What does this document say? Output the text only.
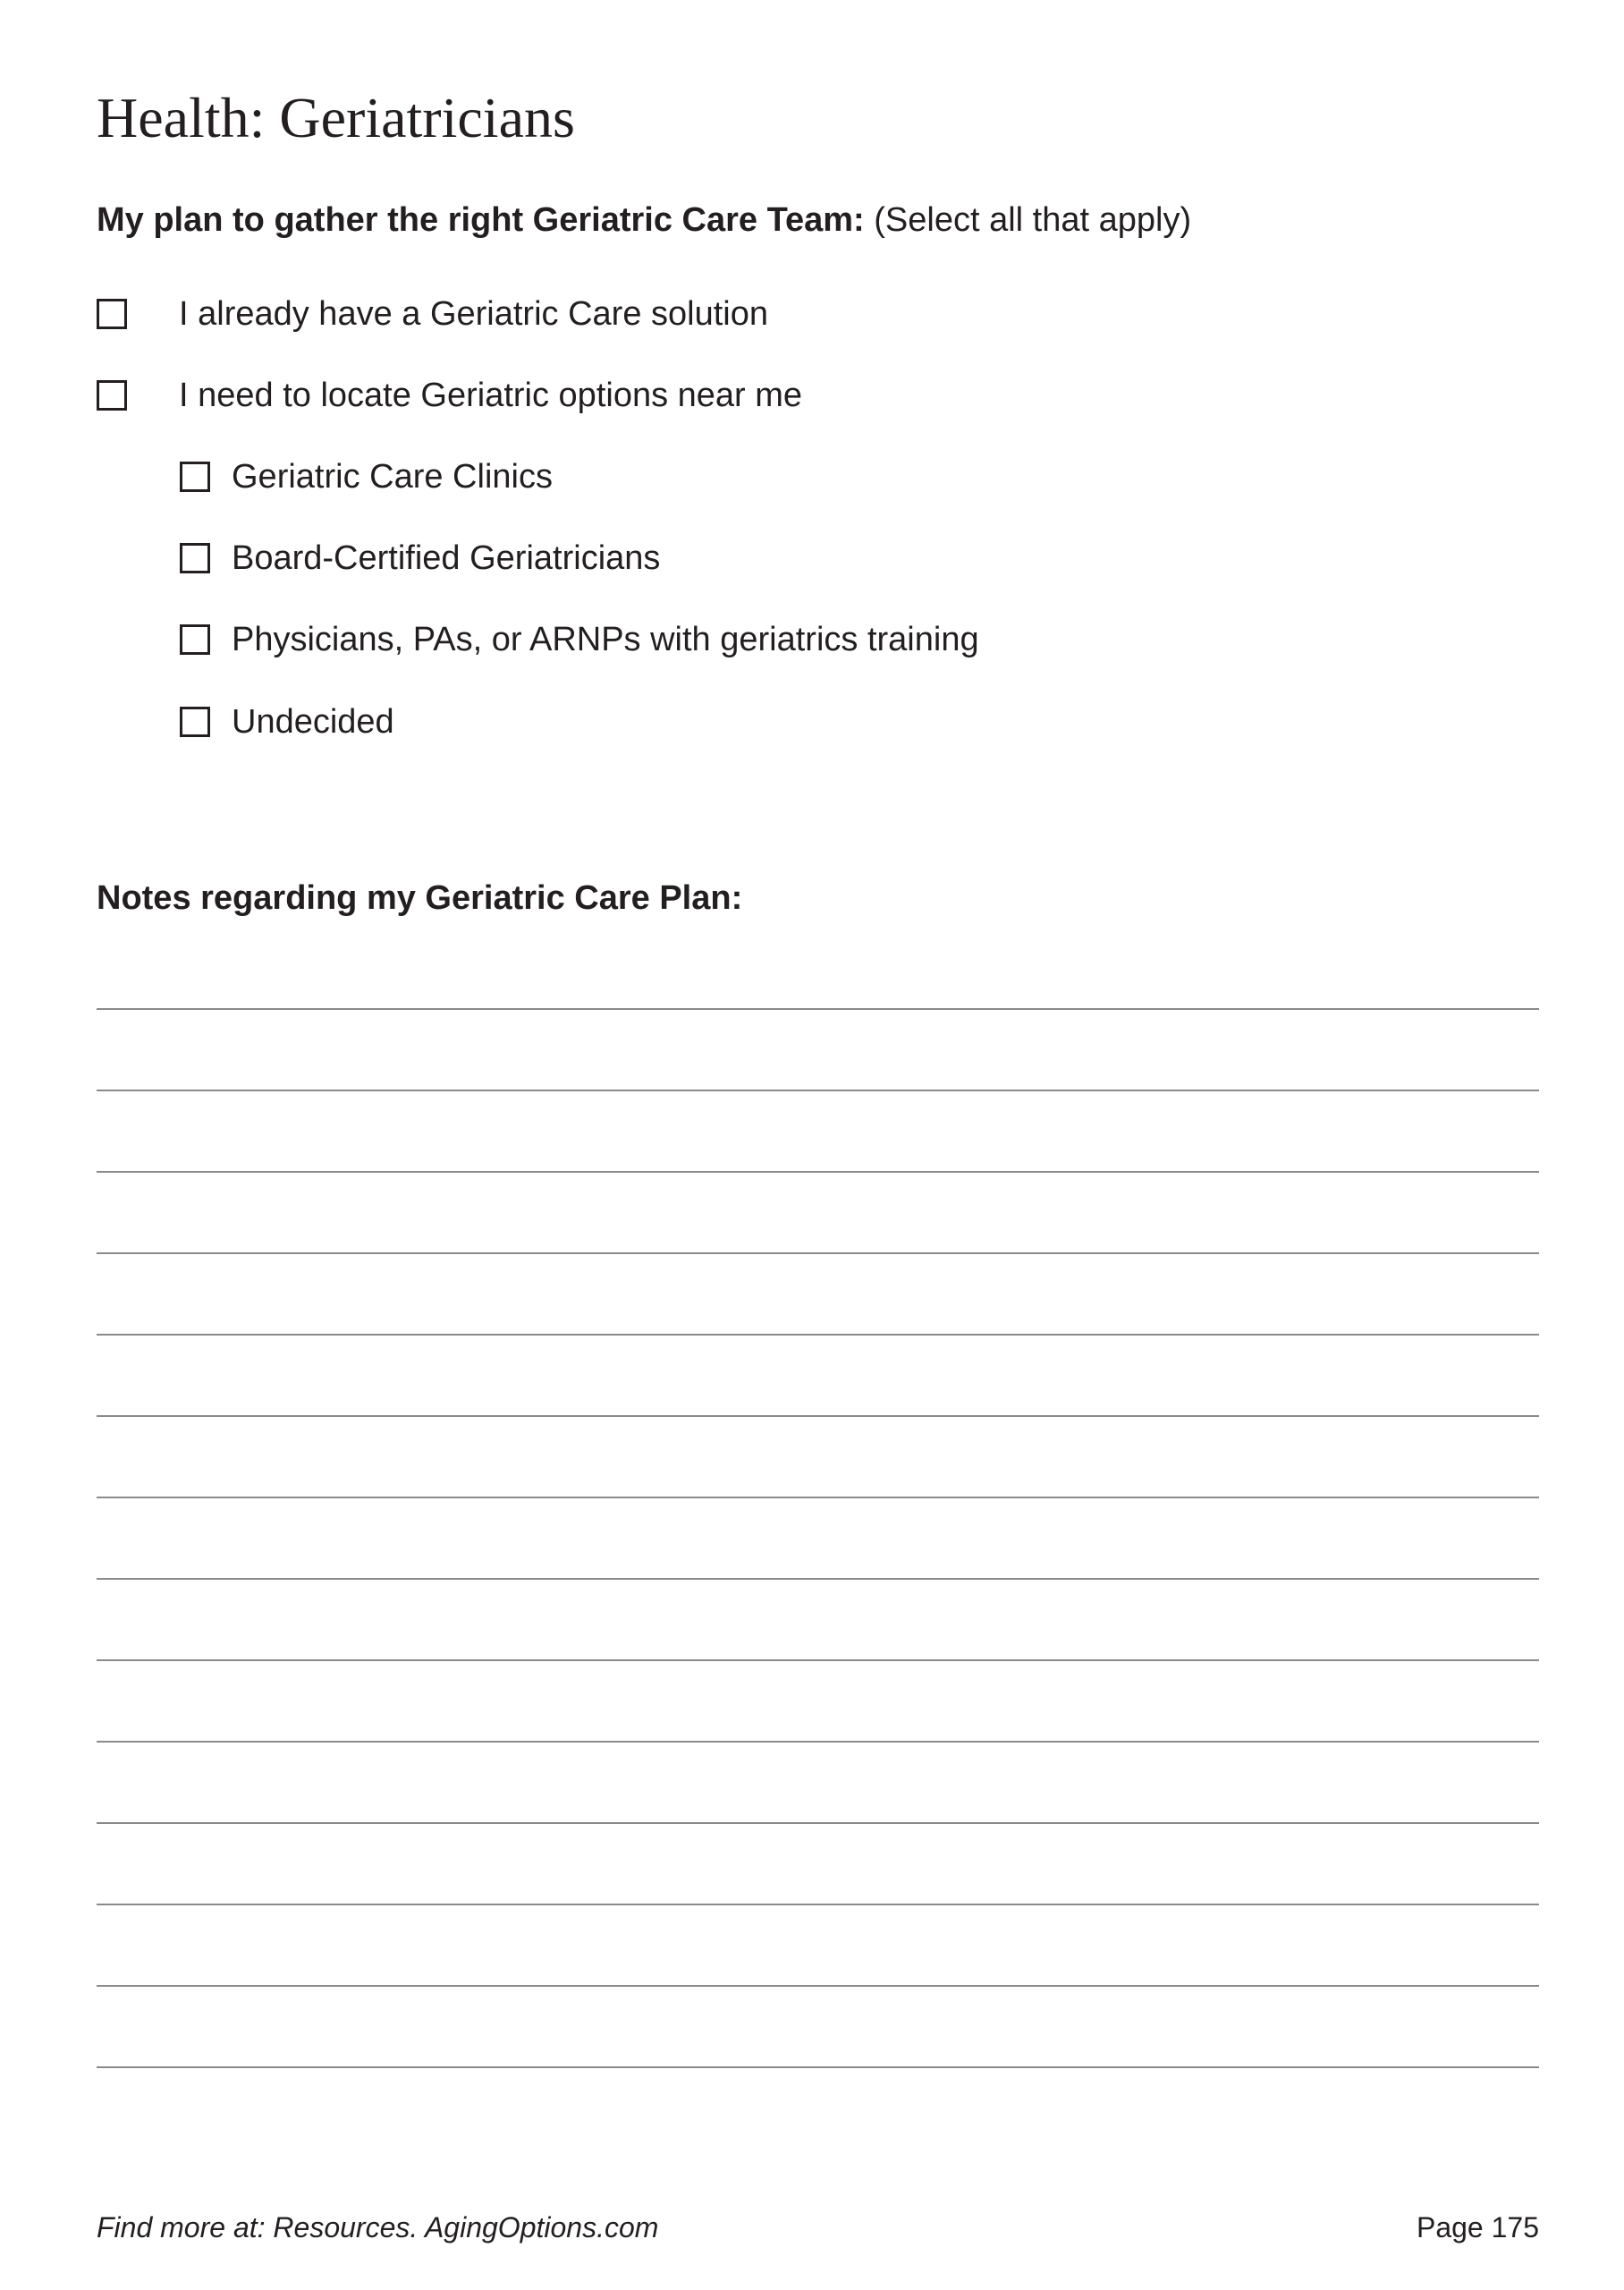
Health: Geriatricians

My plan to gather the right Geriatric Care Team: (Select all that apply)

I already have a Geriatric Care solution
I need to locate Geriatric options near me
Geriatric Care Clinics
Board-Certified Geriatricians
Physicians, PAs, or ARNPs with geriatrics training
Undecided

Notes regarding my Geriatric Care Plan:

Find more at: Resources. AgingOptions.com	Page 175
